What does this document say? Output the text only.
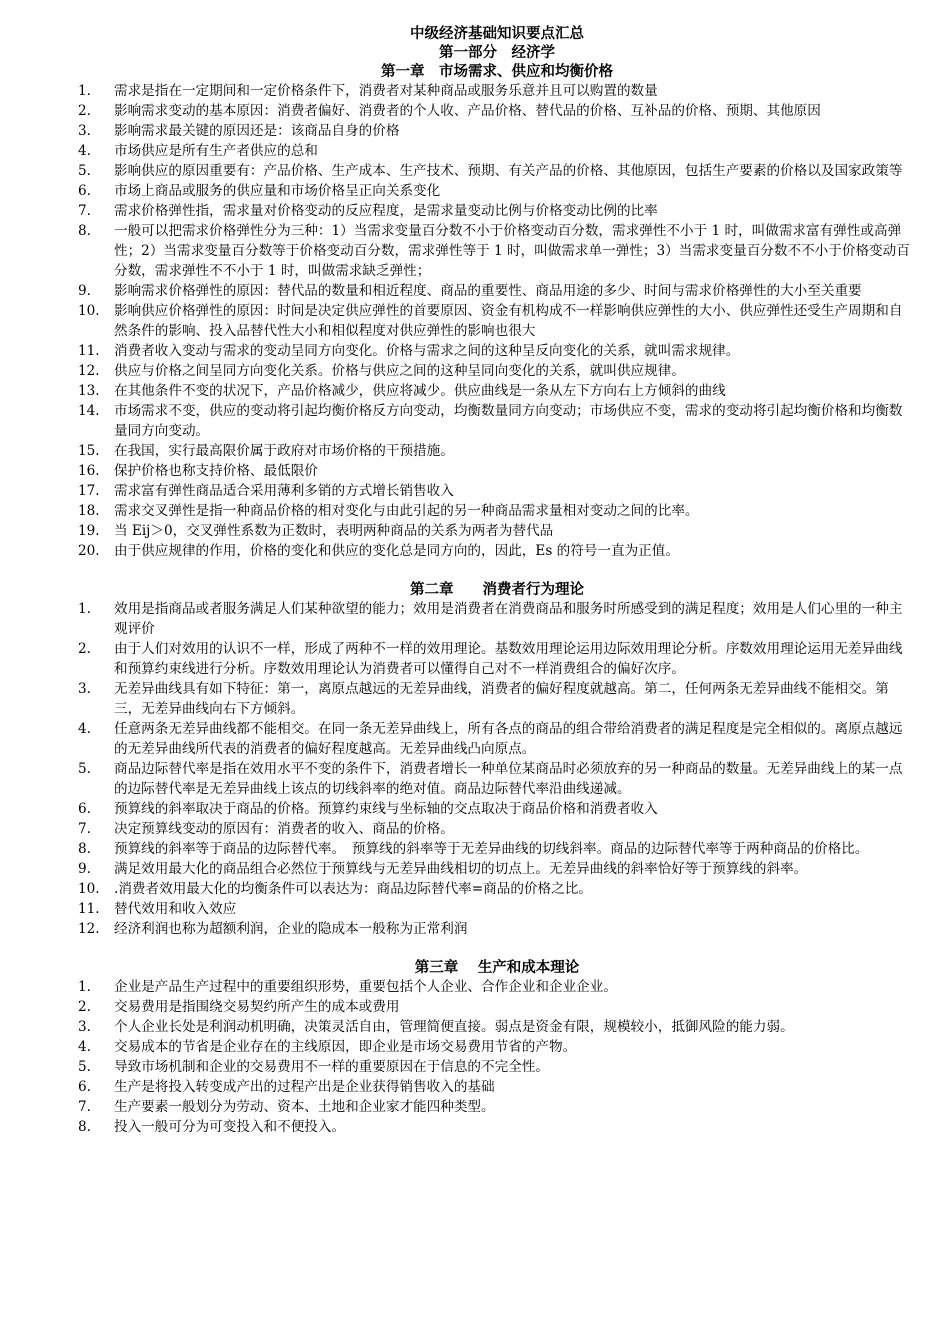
中级经济基础知识要点汇总
第一部分　经济学
第一章　市场需求、供应和均衡价格
1.	需求是指在一定期间和一定价格条件下，消费者对某种商品或服务乐意并且可以购置的数量
2.	影响需求变动的基本原因：消费者偏好、消费者的个人收、产品价格、替代品的价格、互补品的价格、预期、其他原因
3.	影响需求最关键的原因还是：该商品自身的价格
4.	市场供应是所有生产者供应的总和
5.	影响供应的原因重要有：产品价格、生产成本、生产技术、预期、有关产品的价格、其他原因，包括生产要素的价格以及国家政策等
6.	市场上商品或服务的供应量和市场价格呈正向关系变化
7.	需求价格弹性指，需求量对价格变动的反应程度，是需求量变动比例与价格变动比例的比率
8.	一般可以把需求价格弹性分为三种：1）当需求变量百分数不小于价格变动百分数，需求弹性不小于 1 时，叫做需求富有弹性或高弹性；2）当需求变量百分数等于价格变动百分数，需求弹性等于 1 时，叫做需求单一弹性；3）当需求变量百分数不不小于价格变动百分数，需求弹性不不小于 1 时，叫做需求缺乏弹性；
9.	影响需求价格弹性的原因：替代品的数量和相近程度、商品的重要性、商品用途的多少、时间与需求价格弹性的大小至关重要
10.	影响供应价格弹性的原因：时间是决定供应弹性的首要原因、资金有机构成不一样影响供应弹性的大小、供应弹性还受生产周期和自然条件的影响、投入品替代性大小和相似程度对供应弹性的影响也很大
11.	消费者收入变动与需求的变动呈同方向变化。价格与需求之间的这种呈反向变化的关系，就叫需求规律。
12.	供应与价格之间呈同方向变化关系。价格与供应之间的这种呈同向变化的关系，就叫供应规律。
13.	在其他条件不变的状况下，产品价格减少，供应将减少。供应曲线是一条从左下方向右上方倾斜的曲线
14.	市场需求不变，供应的变动将引起均衡价格反方向变动，均衡数量同方向变动；市场供应不变，需求的变动将引起均衡价格和均衡数量同方向变动。
15.	在我国，实行最高限价属于政府对市场价格的干预措施。
16.	保护价格也称支持价格、最低限价
17.	需求富有弹性商品适合采用薄利多销的方式增长销售收入
18.	需求交叉弹性是指一种商品价格的相对变化与由此引起的另一种商品需求量相对变动之间的比率。
19.	当 Eij＞0，交叉弹性系数为正数时，表明两种商品的关系为两者为替代品
20.	由于供应规律的作用，价格的变化和供应的变化总是同方向的，因此，Es 的符号一直为正值。
第二章　　消费者行为理论
1.	效用是指商品或者服务满足人们某种欲望的能力；效用是消费者在消费商品和服务时所感受到的满足程度；效用是人们心里的一种主观评价
2.	由于人们对效用的认识不一样，形成了两种不一样的效用理论。基数效用理论运用边际效用理论分析。序数效用理论运用无差异曲线和预算约束线进行分析。序数效用理论认为消费者可以懂得自己对不一样消费组合的偏好次序。
3.	无差异曲线具有如下特征：第一，离原点越远的无差异曲线，消费者的偏好程度就越高。第二，任何两条无差异曲线不能相交。第三，无差异曲线向右下方倾斜。
4.	任意两条无差异曲线都不能相交。在同一条无差异曲线上，所有各点的商品的组合带给消费者的满足程度是完全相似的。离原点越远的无差异曲线所代表的消费者的偏好程度越高。无差异曲线凸向原点。
5.	商品边际替代率是指在效用水平不变的条件下，消费者增长一种单位某商品时必须放弃的另一种商品的数量。无差异曲线上的某一点的边际替代率是无差异曲线上该点的切线斜率的绝对值。商品边际替代率沿曲线递减。
6.	预算线的斜率取决于商品的价格。预算约束线与坐标轴的交点取决于商品价格和消费者收入
7.	决定预算线变动的原因有：消费者的收入、商品的价格。
8.	预算线的斜率等于商品的边际替代率。　预算线的斜率等于无差异曲线的切线斜率。商品的边际替代率等于两种商品的价格比。
9.	满足效用最大化的商品组合必然位于预算线与无差异曲线相切的切点上。无差异曲线的斜率恰好等于预算线的斜率。
10.	.消费者效用最大化的均衡条件可以表达为：商品边际替代率=商品的价格之比。
11.	替代效用和收入效应
12.	经济利润也称为超额利润，企业的隐成本一般称为正常利润
第三章　 生产和成本理论
1.	企业是产品生产过程中的重要组织形势，重要包括个人企业、合作企业和企业企业。
2.	交易费用是指围绕交易契约所产生的成本或费用
3.	个人企业长处是利润动机明确，决策灵活自由，管理简便直接。弱点是资金有限，规模较小，抵御风险的能力弱。
4.	交易成本的节省是企业存在的主线原因，即企业是市场交易费用节省的产物。
5.	导致市场机制和企业的交易费用不一样的重要原因在于信息的不完全性。
6.	生产是将投入转变成产出的过程产出是企业获得销售收入的基础
7.	生产要素一般划分为劳动、资本、土地和企业家才能四种类型。
8.	投入一般可分为可变投入和不便投入。
